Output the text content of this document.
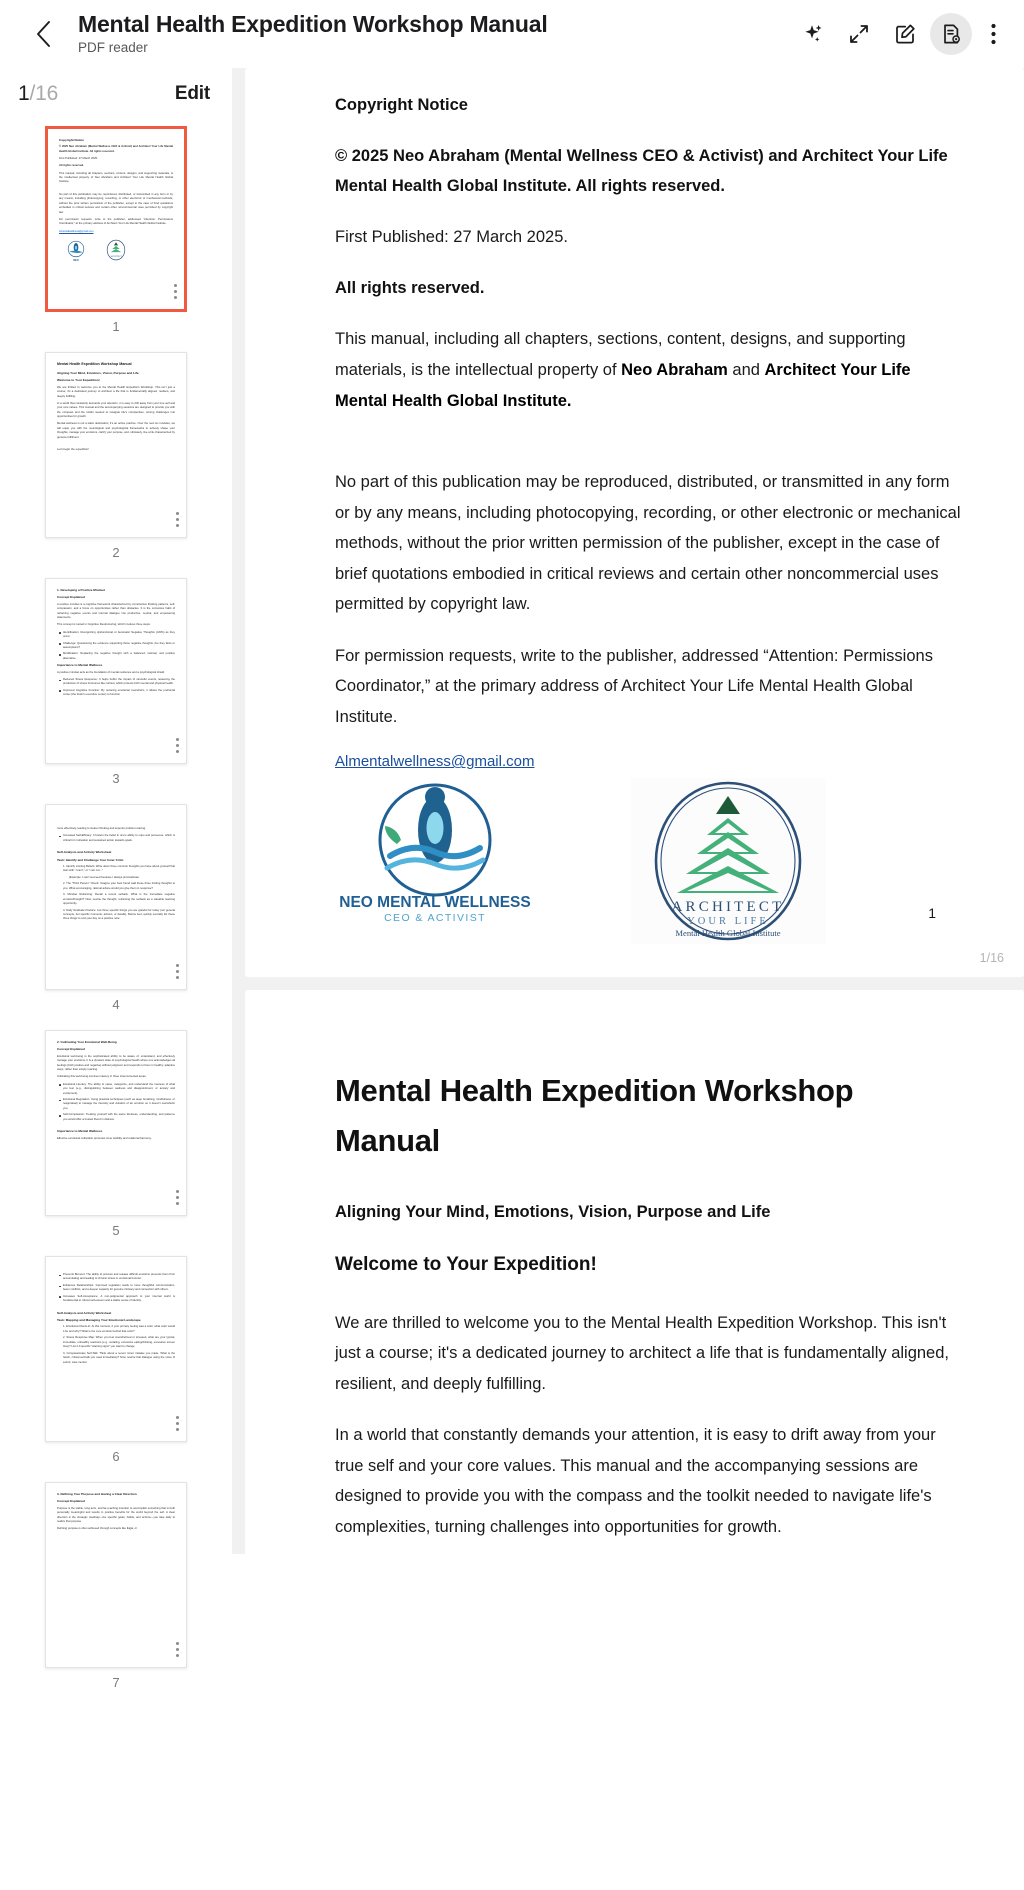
Mental Health Expedition Workshop Manual
PDF reader
1/16	Edit
Copyright Notice
© 2025 Neo Abraham (Mental Wellness CEO & Activist) and Architect Your Life Mental Health Global Institute. All rights reserved.
First Published: 27 March 2025.
All rights reserved.
This manual, including all chapters, sections, content, designs, and supporting materials, is the intellectual property of Neo Abraham and Architect Your Life Mental Health Global Institute.
No part of this publication may be reproduced, distributed, or transmitted in any form or by any means, including photocopying, recording, or other electronic or mechanical methods, without the prior written permission of the publisher, except in the case of brief quotations embodied in critical reviews and certain other noncommercial uses permitted by copyright law.
For permission requests, write to the publisher, addressed “Attention: Permissions Coordinator,” at the primary address of Architect Your Life Mental Health Global Institute.
Almentalwellness@gmail.com
NEO
ARCHITECT
1
Mental Health Expedition Workshop Manual
Aligning Your Mind, Emotions, Vision, Purpose and Life
Welcome to Your Expedition!
We are thrilled to welcome you to the Mental Health Expedition Workshop. This isn't just a course; it's a dedicated journey to architect a life that is fundamentally aligned, resilient, and deeply fulfilling.
In a world that constantly demands your attention, it is easy to drift away from your true self and your core values. This manual and the accompanying sessions are designed to provide you with the compass and the toolkit needed to navigate life's complexities, turning challenges into opportunities for growth.
Mental wellness is not a static destination; it's an active practice. Over the next six modules, we will equip you with the neurological and psychological frameworks to actively shape your thoughts, manage your emotions, clarify your purpose, and, ultimately, live a life characterized by genuine fulfilment.
Let's begin the expedition!
2
1. Developing a Positive Mindset
Concept Explained
A positive mindset is a cognitive framework characterized by constructive thinking patterns, self-compassion, and a focus on opportunities rather than obstacles. It is the conscious habit of reframing negative events and internal dialogue into productive, neutral, and empowering statements.
This concept is rooted in Cognitive Restructuring, which involves three steps:
Identification: Recognizing dysfunctional or Automatic Negative Thoughts (ANTs) as they occur.
Challenge: Questioning the evidence supporting those negative thoughts. Are they facts or assumptions?
Modification: Replacing the negative thought with a balanced, rational, and positive alternative.
Importance to Mental Wellness
A positive mindset acts as the foundation of mental resilience and a psychological shield.
Reduced Stress Response: It helps buffer the impact of stressful events, lessening the production of stress hormones like cortisol, which protects both mental and physical health.
Improved Cognitive Function: By reducing emotional overwhelm, it allows the prefrontal cortex (the brain's executive center) to function
3
more effectively, leading to clearer thinking and superior problem-solving.
Increased Self-Efficacy: It fosters the belief in one's ability to cope and persevere, which is critical for motivation and sustained action towards goals.
Self-Analysis and Activity Worksheet
Task: Identify and Challenge Your Inner Critic
1. Identify Limiting Beliefs: Write down three common thoughts you have about yourself that start with "I can't," or "I am not..."
(Example: I can't succeed because I always procrastinate.
2. The "Third Person" Check: Imagine your best friend said these three limiting thoughts to you. What encouraging, rational advice would you give them in response?
3. Mindset Reframing: Recall a recent setback. What is the immediate negative emotion/thought? Now, rewrite the thought, reframing the setback as a valuable learning opportunity.
4. Daily Gratitude Practice: List three specific things you are grateful for today (not general concepts, but specific moments, actions, or details). Before bed, quickly mentally list these three things to end your day on a positive note.
4
2. Cultivating Your Emotional Well-Being
Concept Explained
Emotional well-being is the sophisticated ability to be aware of, understand, and effectively manage your emotions. It is a dynamic state of psychological health where one acknowledges all feelings (both positive and negative) without judgment and responds to them in healthy, adaptive ways, rather than simply reacting.
Cultivating this well-being involves mastery in three interconnected areas:
Emotional Literacy: The ability to name, categorize, and understand the nuances of what you feel (e.g., distinguishing between sadness and disappointment, or anxiety and excitement).
Emotional Regulation: Using practical techniques (such as deep breathing, mindfulness, or reappraisal) to manage the intensity and duration of an emotion so it doesn't overwhelm you.
Self-Compassion: Treating yourself with the same kindness, understanding, and patience you would offer a trusted friend in distress.
Importance to Mental Wellness
Effective emotional cultivation promotes inner stability and relational harmony.
5
Prevents Burnout: The ability to process and release difficult emotions prevents them from accumulating and leading to chronic stress or emotional burnout.
Enhances Relationships: Improved regulation leads to more thoughtful communication, fewer conflicts, and a deeper capacity for genuine intimacy and connection with others.
Increases Self-Acceptance: A non-judgmental approach to your internal world is fundamental to robust self-esteem and a stable sense of identity.
Self-Analysis and Activity Worksheet
Task: Mapping and Managing Your Emotional Landscape
1. Emotional Check-In: At this moment, if your primary feeling was a color, what color would it be and why? What is the core emotion behind that color?
2. Stress Response Map: When you feel overwhelmed or stressed, what are your typical, immediate, unhealthy reactions (e.g., isolating, excessive eating/drinking, excessive screen time)? List 2-3 specific "warning signs" you want to change.
3. Compassionate Self-Talk: Think about a recent minor mistake you made. What is the harsh, critical self-talk you used immediately? Now, rewrite that dialogue using the voice of a kind, wise mentor.
6
3. Defining Your Purpose and Having a Clear Direction
Concept Explained
Purpose is the stable, long-term, and far-reaching intention to accomplish something that is both personally meaningful and results in positive benefits for the world beyond the self. A clear direction is the strategic roadmap—the specific goals, habits, and actions—you take daily to realize that purpose.
Defining purpose is often achieved through concepts like Ikigai, or
7
Copyright Notice
© 2025 Neo Abraham (Mental Wellness CEO & Activist) and Architect Your Life Mental Health Global Institute. All rights reserved.
First Published: 27 March 2025.
All rights reserved.
This manual, including all chapters, sections, content, designs, and supporting materials, is the intellectual property of Neo Abraham and Architect Your Life Mental Health Global Institute.
No part of this publication may be reproduced, distributed, or transmitted in any form or by any means, including photocopying, recording, or other electronic or mechanical methods, without the prior written permission of the publisher, except in the case of brief quotations embodied in critical reviews and certain other noncommercial uses permitted by copyright law.
For permission requests, write to the publisher, addressed “Attention: Permissions Coordinator,” at the primary address of Architect Your Life Mental Health Global Institute.
Almentalwellness@gmail.com
NEO MENTAL WELLNESS
CEO & ACTIVIST
ARCHITECT
YOUR LIFE
Mental Health Global Institute
1
1/16
Mental Health Expedition Workshop Manual
Aligning Your Mind, Emotions, Vision, Purpose and Life
Welcome to Your Expedition!
We are thrilled to welcome you to the Mental Health Expedition Workshop. This isn't just a course; it's a dedicated journey to architect a life that is fundamentally aligned, resilient, and deeply fulfilling.
In a world that constantly demands your attention, it is easy to drift away from your true self and your core values. This manual and the accompanying sessions are designed to provide you with the compass and the toolkit needed to navigate life's complexities, turning challenges into opportunities for growth.
